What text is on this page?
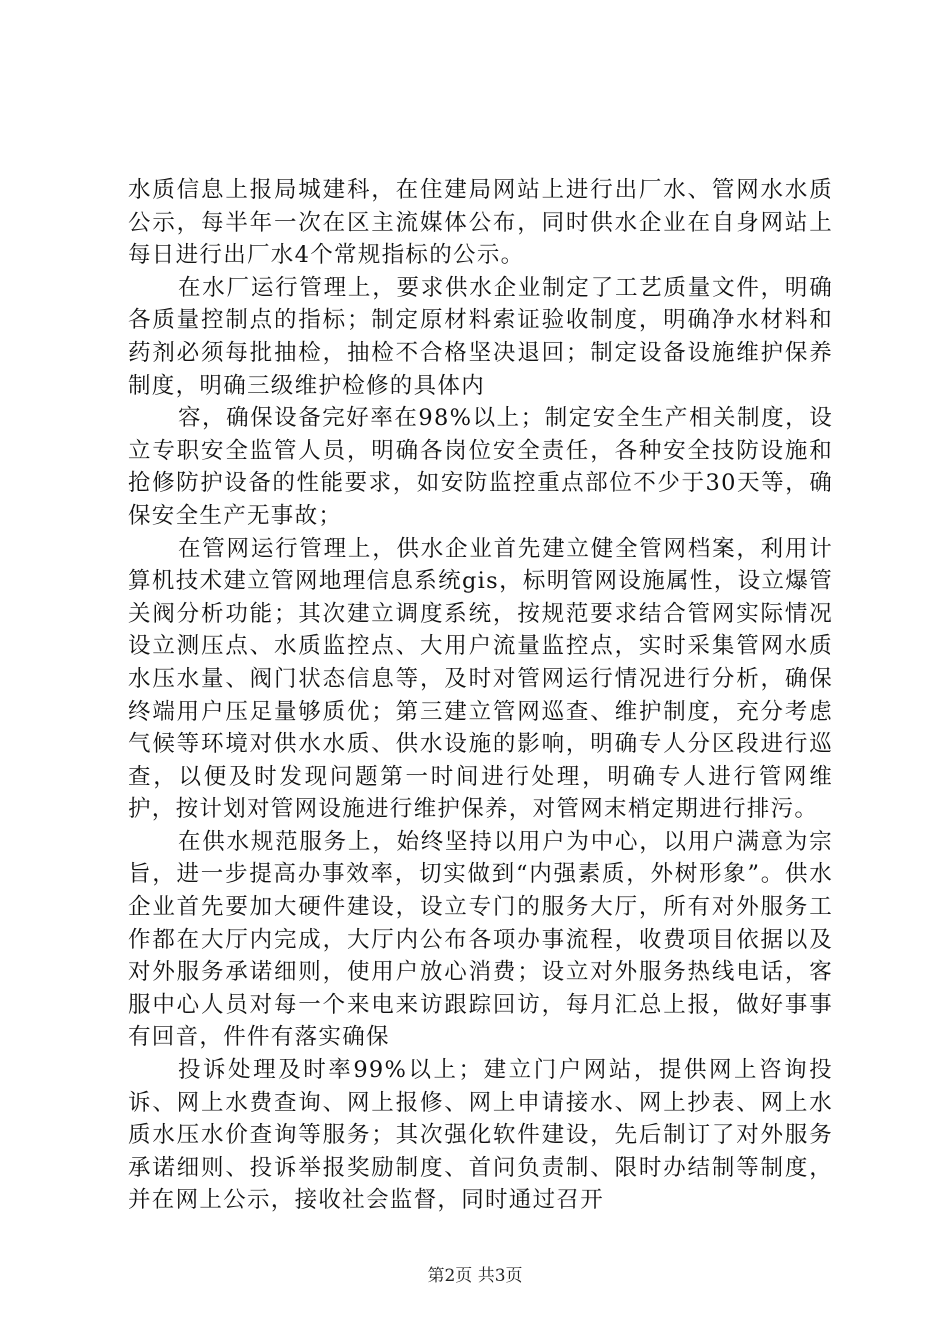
水质信息上报局城建科，在住建局网站上进行出厂水、管网水水质公示，每半年一次在区主流媒体公布，同时供水企业在自身网站上每日进行出厂水4个常规指标的公示。

在水厂运行管理上，要求供水企业制定了工艺质量文件，明确各质量控制点的指标；制定原材料索证验收制度，明确净水材料和药剂必须每批抽检，抽检不合格坚决退回；制定设备设施维护保养制度，明确三级维护检修的具体内

容，确保设备完好率在98%以上；制定安全生产相关制度，设立专职安全监管人员，明确各岗位安全责任，各种安全技防设施和抢修防护设备的性能要求，如安防监控重点部位不少于30天等，确保安全生产无事故；

在管网运行管理上，供水企业首先建立健全管网档案，利用计算机技术建立管网地理信息系统gis，标明管网设施属性，设立爆管关阀分析功能；其次建立调度系统，按规范要求结合管网实际情况设立测压点、水质监控点、大用户流量监控点，实时采集管网水质水压水量、阀门状态信息等，及时对管网运行情况进行分析，确保终端用户压足量够质优；第三建立管网巡查、维护制度，充分考虑气候等环境对供水水质、供水设施的影响，明确专人分区段进行巡查，以便及时发现问题第一时间进行处理，明确专人进行管网维护，按计划对管网设施进行维护保养，对管网末梢定期进行排污。

在供水规范服务上，始终坚持以用户为中心，以用户满意为宗旨，进一步提高办事效率，切实做到“内强素质，外树形象”。供水企业首先要加大硬件建设，设立专门的服务大厅，所有对外服务工作都在大厅内完成，大厅内公布各项办事流程，收费项目依据以及对外服务承诺细则，使用户放心消费；设立对外服务热线电话，客服中心人员对每一个来电来访跟踪回访，每月汇总上报，做好事事有回音，件件有落实确保

投诉处理及时率99%以上；建立门户网站，提供网上咨询投诉、网上水费查询、网上报修、网上申请接水、网上抄表、网上水质水压水价查询等服务；其次强化软件建设，先后制订了对外服务承诺细则、投诉举报奖励制度、首问负责制、限时办结制等制度，并在网上公示，接收社会监督，同时通过召开

第2页 共3页
